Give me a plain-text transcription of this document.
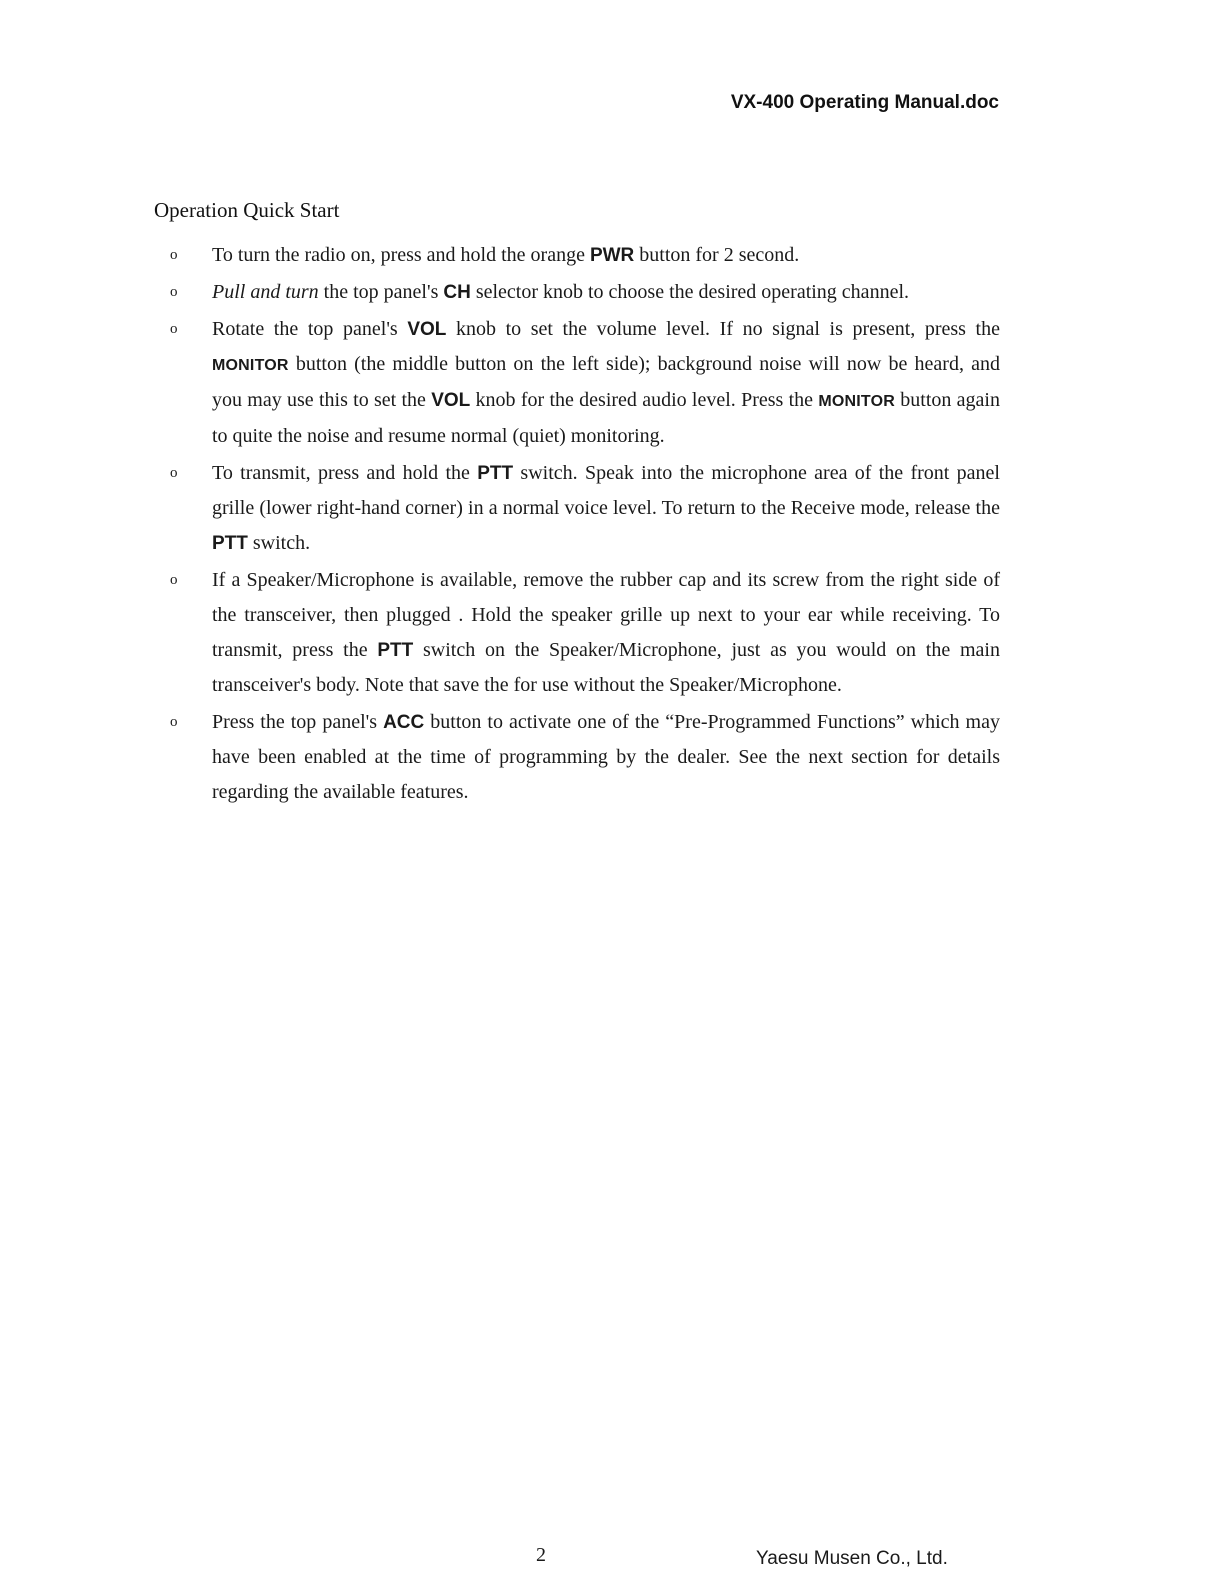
VX-400 Operating Manual.doc
Operation Quick Start
o To turn the radio on, press and hold the orange PWR button for 2 second.
o Pull and turn the top panel's CH selector knob to choose the desired operating channel.
o Rotate the top panel's VOL knob to set the volume level. If no signal is present, press the MONITOR button (the middle button on the left side); background noise will now be heard, and you may use this to set the VOL knob for the desired audio level. Press the MONITOR button again to quite the noise and resume normal (quiet) monitoring.
o To transmit, press and hold the PTT switch. Speak into the microphone area of the front panel grille (lower right-hand corner) in a normal voice level. To return to the Receive mode, release the PTT switch.
o If a Speaker/Microphone is available, remove the rubber cap and its screw from the right side of the transceiver, then plugged . Hold the speaker grille up next to your ear while receiving. To transmit, press the PTT switch on the Speaker/Microphone, just as you would on the main transceiver's body. Note that save the for use without the Speaker/Microphone.
o Press the top panel's ACC button to activate one of the “Pre-Programmed Functions” which may have been enabled at the time of programming by the dealer. See the next section for details regarding the available features.
2	Yaesu Musen Co., Ltd.
